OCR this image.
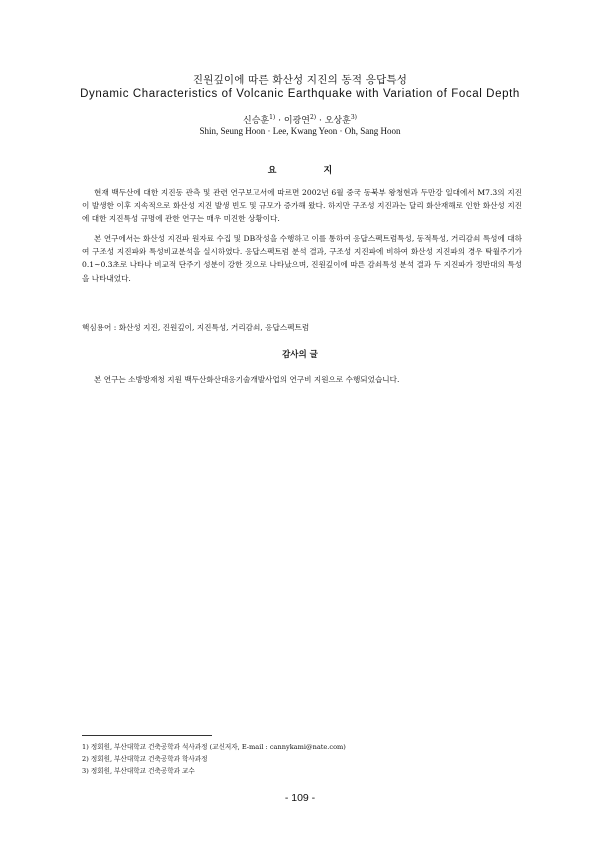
진원깊이에 따른 화산성 지진의 동적 응답특성
Dynamic Characteristics of Volcanic Earthquake with Variation of Focal Depth
신승훈$^{1)}$ · 이광연$^{2)}$ · 오상훈$^{3)}$
Shin, Seung Hoon · Lee, Kwang Yeon · Oh, Sang Hoon
요 지
현재 백두산에 대한 지진동 관측 및 관련 연구보고서에 따르면 2002년 6월 중국 동북부 왕청현과 두만강 일대에서 M7.3의 지진이 발생한 이후 지속적으로 화산성 지진 발생 빈도 및 규모가 증가해 왔다. 하지만 구조성 지진과는 달리 화산재해로 인한 화산성 지진에 대한 지진특성 규명에 관한 연구는 매우 미진한 상황이다.
본 연구에서는 화산성 지진파 원자료 수집 및 DB작성을 수행하고 이를 통하여 응답스펙트럼특성, 동적특성, 거리감쇠 특성에 대하여 구조성 지진파와 특성비교분석을 실시하였다. 응답스펙트럼 분석 결과, 구조성 지진파에 비하여 화산성 지진파의 경우 탁월주기가 0.1~0.3초로 나타나 비교적 단주기 성분이 강한 것으로 나타났으며, 진원깊이에 따른 감쇠특성 분석 결과 두 지진파가 정반대의 특성을 나타내었다.
핵심용어 : 화산성 지진, 진원깊이, 지진특성, 거리감쇠, 응답스펙트럼
감사의 글
본 연구는 소방방재청 지원 백두산화산대응기술개발사업의 연구비 지원으로 수행되었습니다.
1) 정회원, 부산대학교 건축공학과 석사과정 (교신저자, E-mail : cannykami@nate.com)
2) 정회원, 부산대학교 건축공학과 학사과정
3) 정회원, 부산대학교 건축공학과 교수
- 109 -
